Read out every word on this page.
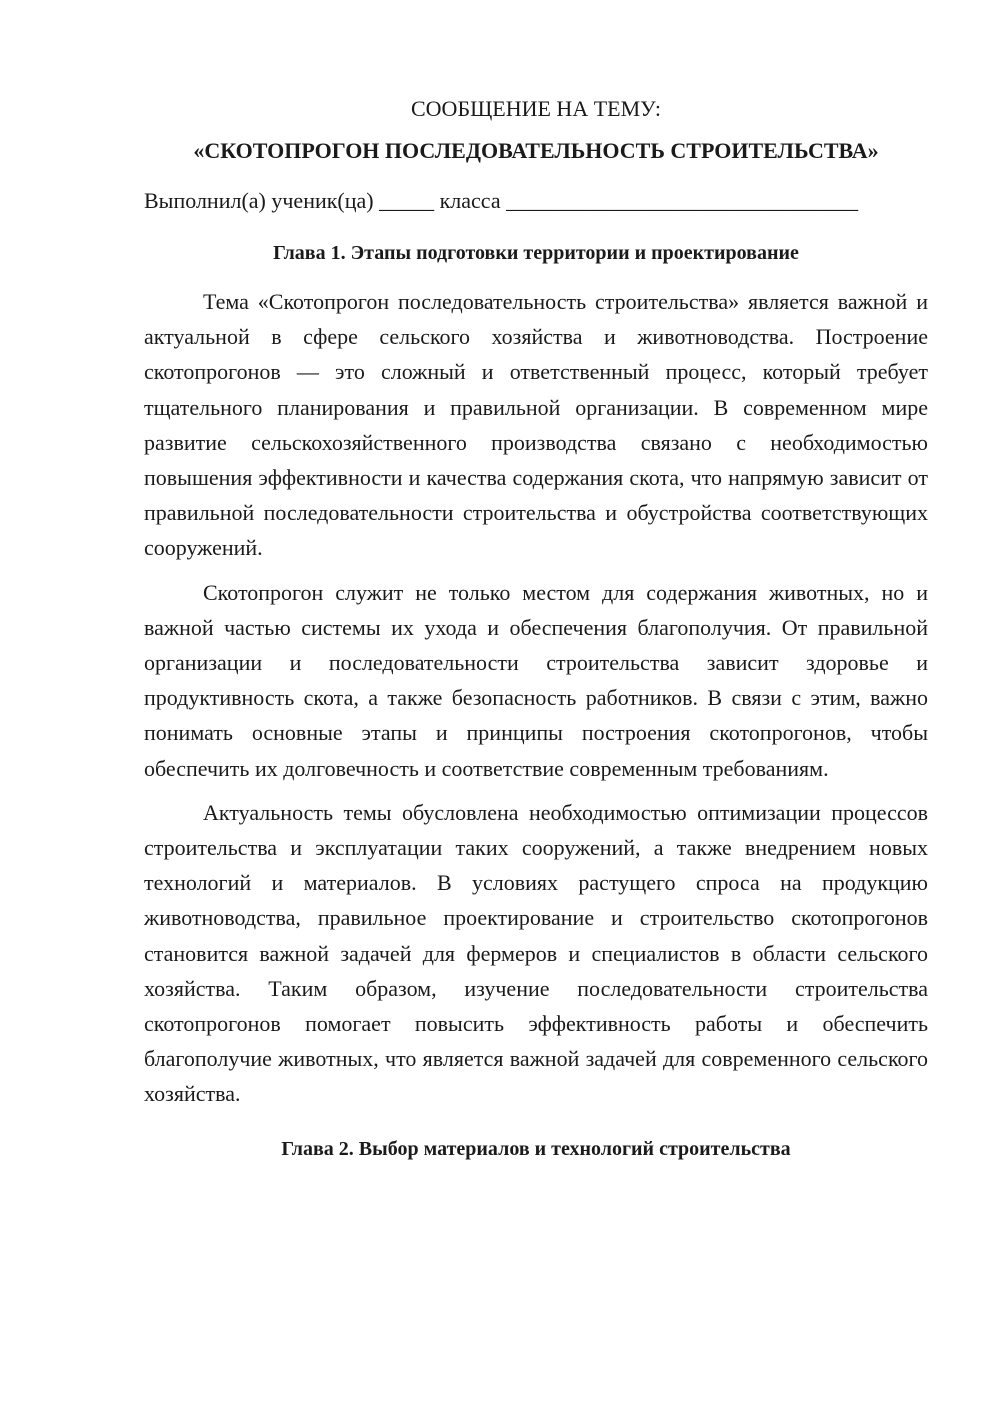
СООБЩЕНИЕ НА ТЕМУ:

«СКОТОПРОГОН ПОСЛЕДОВАТЕЛЬНОСТЬ СТРОИТЕЛЬСТВА»

Выполнил(а) ученик(ца) _____ класса ________________________________
Глава 1. Этапы подготовки территории и проектирование

Тема «Скотопрогон последовательность строительства» является важной и актуальной в сфере сельского хозяйства и животноводства. Построение скотопрогонов — это сложный и ответственный процесс, который требует тщательного планирования и правильной организации. В современном мире развитие сельскохозяйственного производства связано с необходимостью повышения эффективности и качества содержания скота, что напрямую зависит от правильной последовательности строительства и обустройства соответствующих сооружений.

Скотопрогон служит не только местом для содержания животных, но и важной частью системы их ухода и обеспечения благополучия. От правильной организации и последовательности строительства зависит здоровье и продуктивность скота, а также безопасность работников. В связи с этим, важно понимать основные этапы и принципы построения скотопрогонов, чтобы обеспечить их долговечность и соответствие современным требованиям.

Актуальность темы обусловлена необходимостью оптимизации процессов строительства и эксплуатации таких сооружений, а также внедрением новых технологий и материалов. В условиях растущего спроса на продукцию животноводства, правильное проектирование и строительство скотопрогонов становится важной задачей для фермеров и специалистов в области сельского хозяйства. Таким образом, изучение последовательности строительства скотопрогонов помогает повысить эффективность работы и обеспечить благополучие животных, что является важной задачей для современного сельского хозяйства.

Глава 2. Выбор материалов и технологий строительства
